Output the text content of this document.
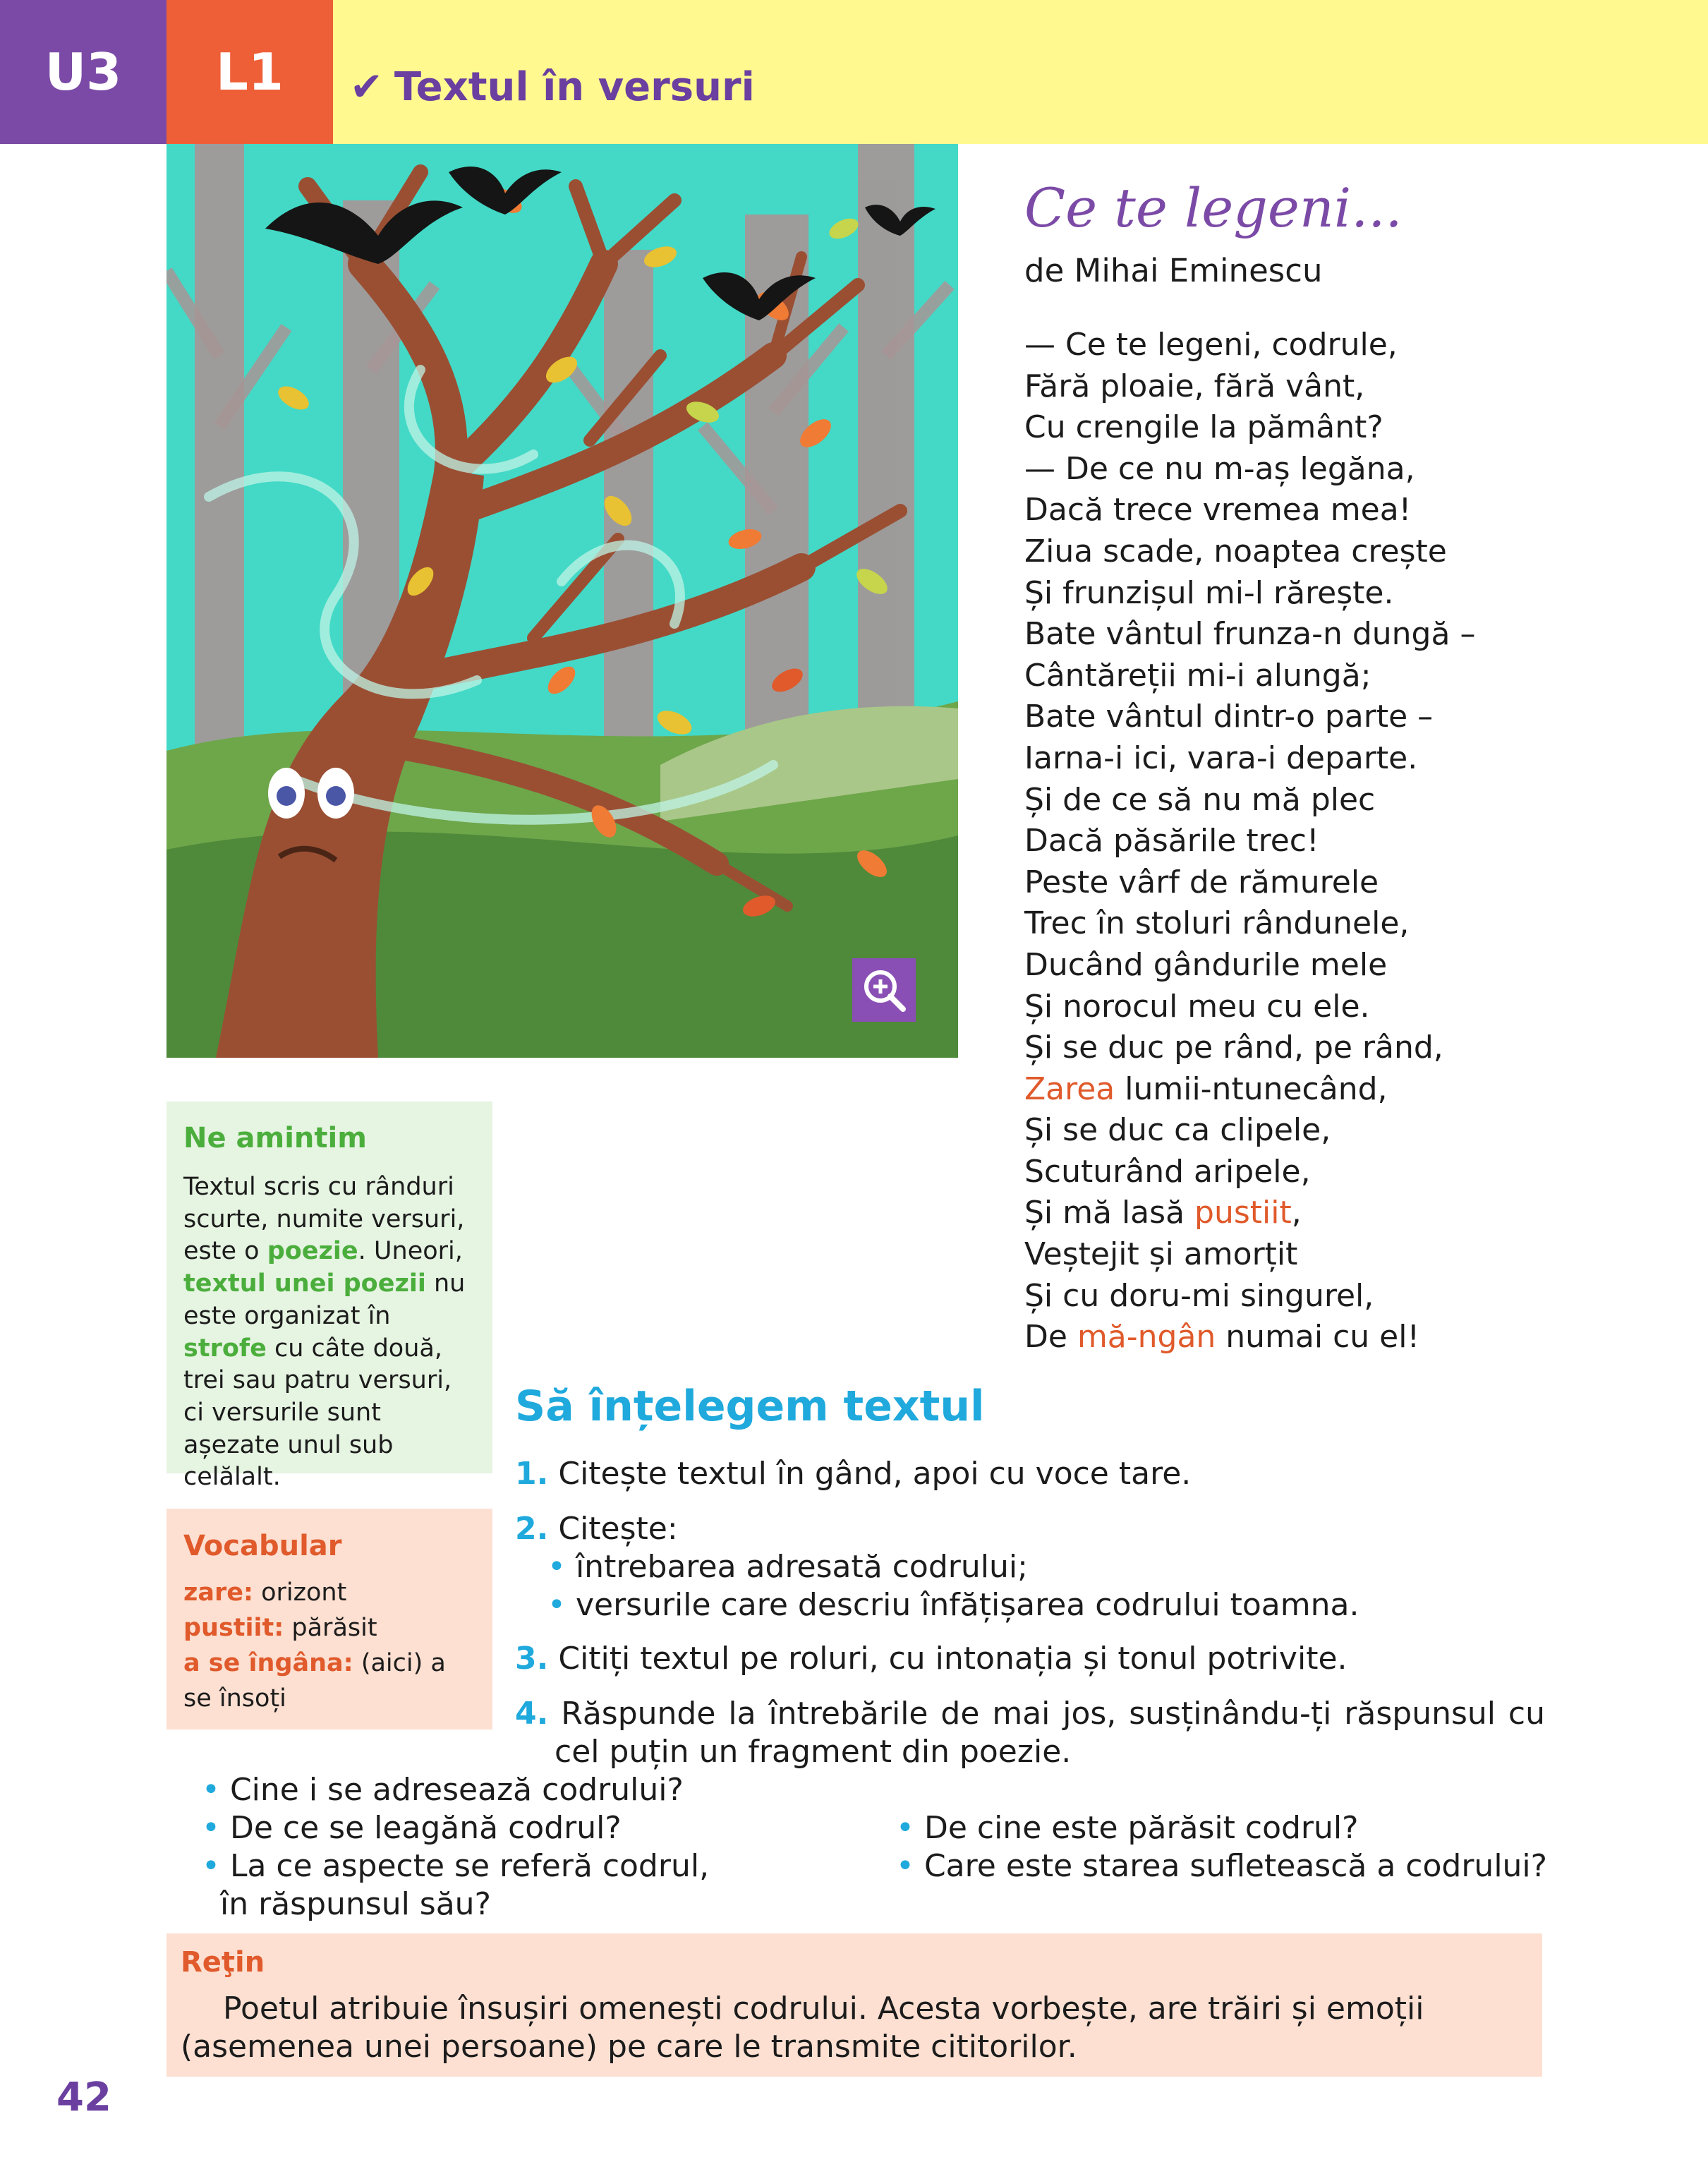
U3	L1	✔ Textul în versuri
Ce te legeni...
de Mihai Eminescu
— Ce te legeni, codrule,
Fără ploaie, fără vânt,
Cu crengile la pământ?
— De ce nu m-aș legăna,
Dacă trece vremea mea!
Ziua scade, noaptea crește
Și frunzișul mi-l rărește.
Bate vântul frunza-n dungă –
Cântăreții mi-i alungă;
Bate vântul dintr-o parte –
Iarna-i ici, vara-i departe.
Și de ce să nu mă plec
Dacă păsările trec!
Peste vârf de rămurele
Trec în stoluri rândunele,
Ducând gândurile mele
Și norocul meu cu ele.
Și se duc pe rând, pe rând,
Zarea lumii-ntunecând,
Și se duc ca clipele,
Scuturând aripele,
Și mă lasă pustiit,
Veștejit și amorțit
Și cu doru-mi singurel,
De mă-ngân numai cu el!
Ne amintim
Textul scris cu rânduri scurte, numite versuri, este o poezie. Uneori, textul unei poezii nu este organizat în strofe cu câte două, trei sau patru versuri, ci versurile sunt așezate unul sub celălalt.
Vocabular
zare: orizont
pustiit: părăsit
a se îngâna: (aici) a se însoți
Să înțelegem textul
1. Citește textul în gând, apoi cu voce tare.
2. Citește:
• întrebarea adresată codrului;
• versurile care descriu înfățișarea codrului toamna.
3. Citiți textul pe roluri, cu intonația și tonul potrivite.
4. Răspunde la întrebările de mai jos, susținându-ți răspunsul cu cel puțin un fragment din poezie.
• Cine i se adresează codrului?
• De ce se leagănă codrul?
• La ce aspecte se referă codrul,
în răspunsul său?
• De cine este părăsit codrul?
• Care este starea sufletească a codrului?
Reţin
Poetul atribuie însușiri omenești codrului. Acesta vorbește, are trăiri și emoții (asemenea unei persoane) pe care le transmite cititorilor.
42
